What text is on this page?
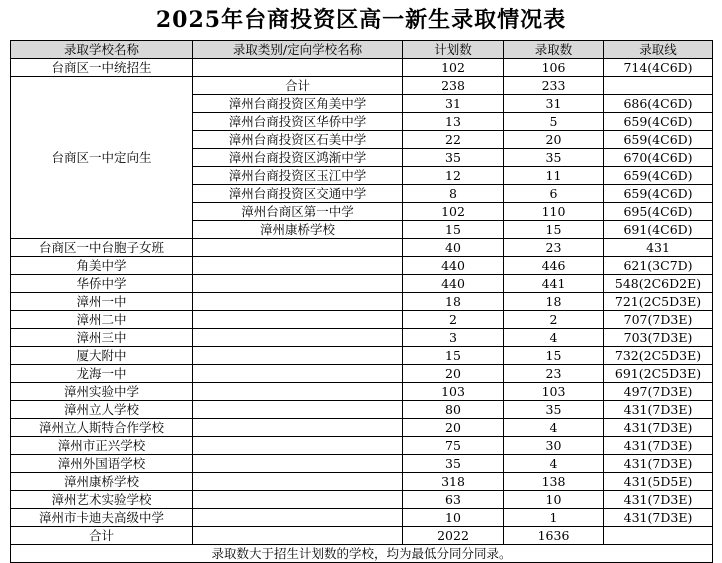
2025年台商投资区高一新生录取情况表
录取学校名称	录取类别/定向学校名称	计划数	录取数	录取线
台商区一中统招生		102	106	714(4C6D)
台商区一中定向生	合计	238	233	
	漳州台商投资区角美中学	31	31	686(4C6D)
	漳州台商投资区华侨中学	13	5	659(4C6D)
	漳州台商投资区石美中学	22	20	659(4C6D)
	漳州台商投资区鸿渐中学	35	35	670(4C6D)
	漳州台商投资区玉江中学	12	11	659(4C6D)
	漳州台商投资区交通中学	8	6	659(4C6D)
	漳州台商区第一中学	102	110	695(4C6D)
	漳州康桥学校	15	15	691(4C6D)
台商区一中台胞子女班		40	23	431
角美中学		440	446	621(3C7D)
华侨中学		440	441	548(2C6D2E)
漳州一中		18	18	721(2C5D3E)
漳州二中		2	2	707(7D3E)
漳州三中		3	4	703(7D3E)
厦大附中		15	15	732(2C5D3E)
龙海一中		20	23	691(2C5D3E)
漳州实验中学		103	103	497(7D3E)
漳州立人学校		80	35	431(7D3E)
漳州立人斯特合作学校		20	4	431(7D3E)
漳州市正兴学校		75	30	431(7D3E)
漳州外国语学校		35	4	431(7D3E)
漳州康桥学校		318	138	431(5D5E)
漳州艺术实验学校		63	10	431(7D3E)
漳州市卡迪夫高级中学		10	1	431(7D3E)
合计		2022	1636	
录取数大于招生计划数的学校，均为最低分同分同录。				
